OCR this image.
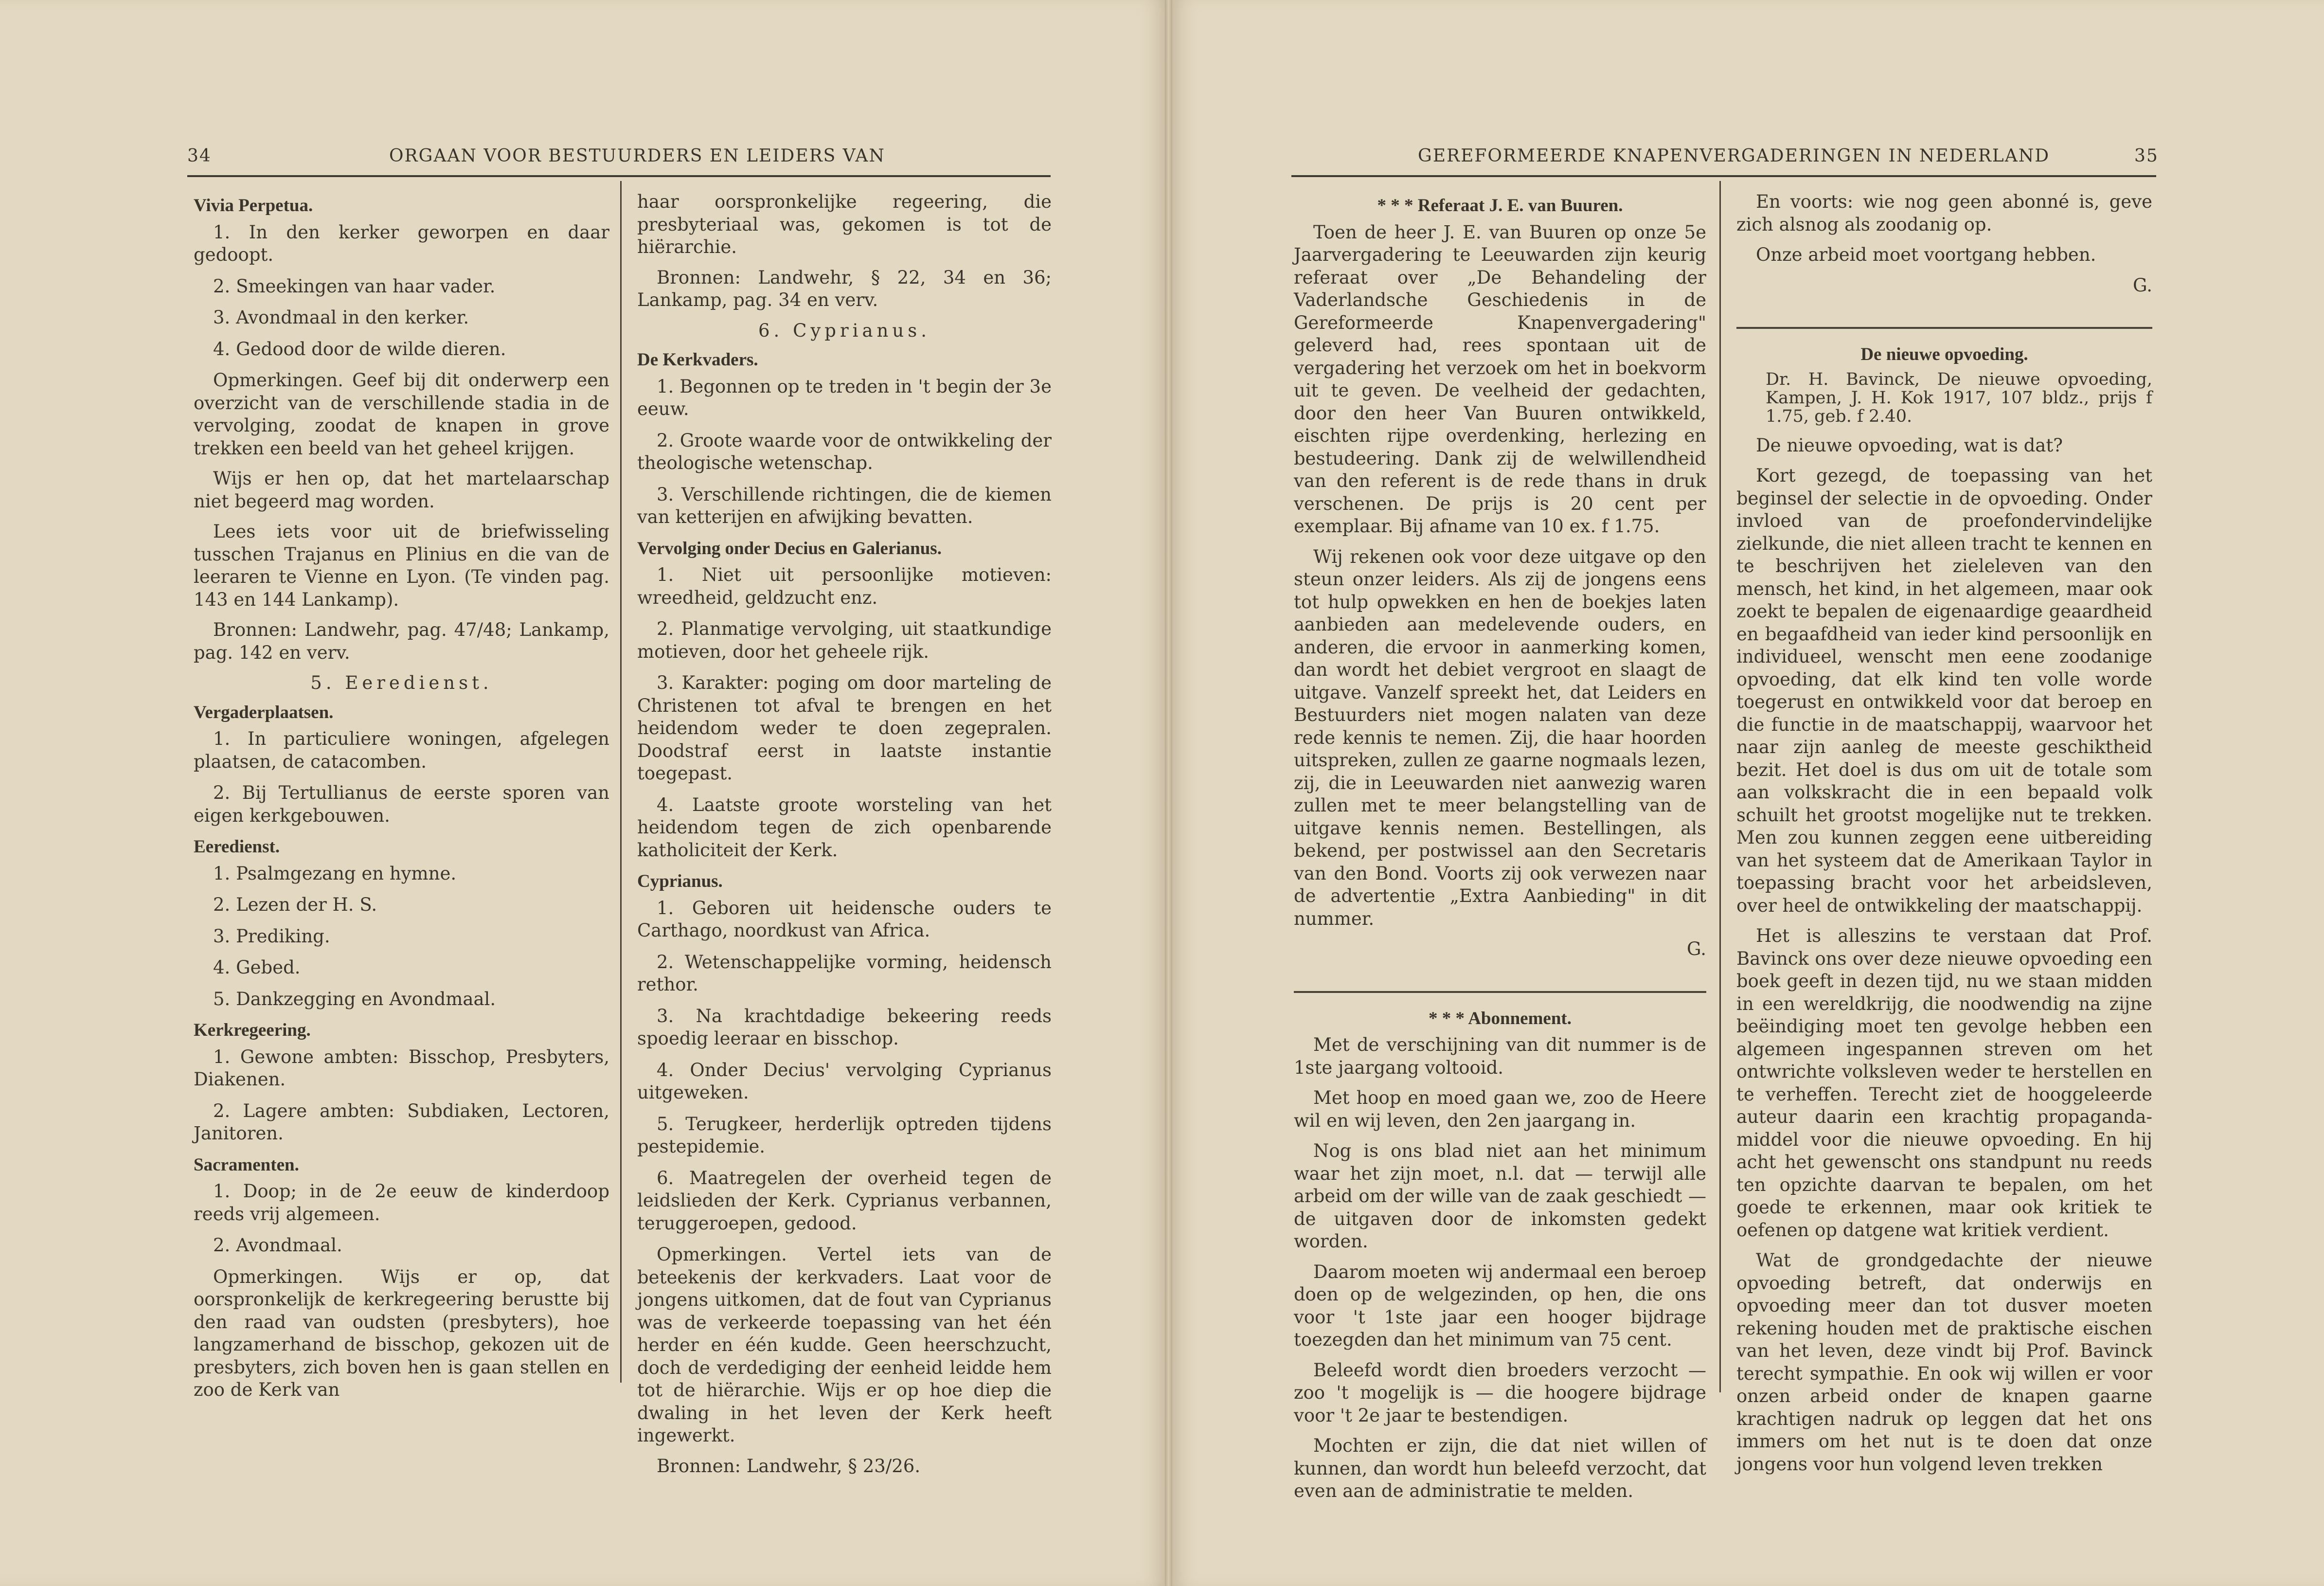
34	ORGAAN VOOR BESTUURDERS EN LEIDERS VAN
Vivia Perpetua.

1. In den kerker geworpen en daar gedoopt.

2. Smeekingen van haar vader.

3. Avondmaal in den kerker.

4. Gedood door de wilde dieren.

Opmerkingen. Geef bij dit onderwerp een overzicht van de verschillende stadia in de vervolging, zoodat de knapen in grove trekken een beeld van het geheel krijgen.

Wijs er hen op, dat het martelaarschap niet begeerd mag worden.

Lees iets voor uit de briefwisseling tusschen Trajanus en Plinius en die van de leeraren te Vienne en Lyon. (Te vinden pag. 143 en 144 Lankamp).

Bronnen: Landwehr, pag. 47/48; Lankamp, pag. 142 en verv.

5. Eeredienst.
Vergaderplaatsen.

1. In particuliere woningen, afgelegen plaatsen, de catacomben.

2. Bij Tertullianus de eerste sporen van eigen kerkgebouwen.

Eeredienst.

1. Psalmgezang en hymne.

2. Lezen der H. S.

3. Prediking.

4. Gebed.

5. Dankzegging en Avondmaal.

Kerkregeering.

1. Gewone ambten: Bisschop, Presbyters, Diakenen.

2. Lagere ambten: Subdiaken, Lectoren, Janitoren.

Sacramenten.

1. Doop; in de 2e eeuw de kinderdoop reeds vrij algemeen.

2. Avondmaal.

Opmerkingen. Wijs er op, dat oorspronkelijk de kerkregeering berustte bij den raad van oudsten (presbyters), hoe langzamerhand de bisschop, gekozen uit de presbyters, zich boven hen is gaan stellen en zoo de Kerk van

haar oorspronkelijke regeering, die presbyteriaal was, gekomen is tot de hiërarchie.

Bronnen: Landwehr, § 22, 34 en 36; Lankamp, pag. 34 en verv.

6. Cyprianus.
De Kerkvaders.

1. Begonnen op te treden in 't begin der 3e eeuw.

2. Groote waarde voor de ontwikkeling der theologische wetenschap.

3. Verschillende richtingen, die de kiemen van ketterijen en afwijking bevatten.

Vervolging onder Decius en Galerianus.

1. Niet uit persoonlijke motieven: wreedheid, geldzucht enz.

2. Planmatige vervolging, uit staatkundige motieven, door het geheele rijk.

3. Karakter: poging om door marteling de Christenen tot afval te brengen en het heidendom weder te doen zegepralen. Doodstraf eerst in laatste instantie toegepast.

4. Laatste groote worsteling van het heidendom tegen de zich openbarende katholiciteit der Kerk.

Cyprianus.

1. Geboren uit heidensche ouders te Carthago, noordkust van Africa.

2. Wetenschappelijke vorming, heidensch rethor.

3. Na krachtdadige bekeering reeds spoedig leeraar en bisschop.

4. Onder Decius' vervolging Cyprianus uitgeweken.

5. Terugkeer, herderlijk optreden tijdens pestepidemie.

6. Maatregelen der overheid tegen de leidslieden der Kerk. Cyprianus verbannen, teruggeroepen, gedood.

Opmerkingen. Vertel iets van de beteekenis der kerkvaders. Laat voor de jongens uitkomen, dat de fout van Cyprianus was de verkeerde toepassing van het één herder en één kudde. Geen heerschzucht, doch de verdediging der eenheid leidde hem tot de hiërarchie. Wijs er op hoe diep die dwaling in het leven der Kerk heeft ingewerkt.

Bronnen: Landwehr, § 23/26.

GEREFORMEERDE KNAPENVERGADERINGEN IN NEDERLAND	35
* * * Referaat J. E. van Buuren.

Toen de heer J. E. van Buuren op onze 5e Jaarvergadering te Leeuwarden zijn keurig referaat over „De Behandeling der Vaderlandsche Geschiedenis in de Gereformeerde Knapenvergadering" geleverd had, rees spontaan uit de vergadering het verzoek om het in boekvorm uit te geven. De veelheid der gedachten, door den heer Van Buuren ontwikkeld, eischten rijpe overdenking, herlezing en bestudeering. Dank zij de welwillendheid van den referent is de rede thans in druk verschenen. De prijs is 20 cent per exemplaar. Bij afname van 10 ex. f 1.75.

Wij rekenen ook voor deze uitgave op den steun onzer leiders. Als zij de jongens eens tot hulp opwekken en hen de boekjes laten aanbieden aan medelevende ouders, en anderen, die ervoor in aanmerking komen, dan wordt het debiet vergroot en slaagt de uitgave. Vanzelf spreekt het, dat Leiders en Bestuurders niet mogen nalaten van deze rede kennis te nemen. Zij, die haar hoorden uitspreken, zullen ze gaarne nogmaals lezen, zij, die in Leeuwarden niet aanwezig waren zullen met te meer belangstelling van de uitgave kennis nemen. Bestellingen, als bekend, per postwissel aan den Secretaris van den Bond. Voorts zij ook verwezen naar de advertentie „Extra Aanbieding" in dit nummer.

G.

* * * Abonnement.

Met de verschijning van dit nummer is de 1ste jaargang voltooid.

Met hoop en moed gaan we, zoo de Heere wil en wij leven, den 2en jaargang in.

Nog is ons blad niet aan het minimum waar het zijn moet, n.l. dat — terwijl alle arbeid om der wille van de zaak geschiedt — de uitgaven door de inkomsten gedekt worden.

Daarom moeten wij andermaal een beroep doen op de welgezinden, op hen, die ons voor 't 1ste jaar een hooger bijdrage toezegden dan het minimum van 75 cent.

Beleefd wordt dien broeders verzocht — zoo 't mogelijk is — die hoogere bijdrage voor 't 2e jaar te bestendigen.

Mochten er zijn, die dat niet willen of kunnen, dan wordt hun beleefd verzocht, dat even aan de administratie te melden.

En voorts: wie nog geen abonné is, geve zich alsnog als zoodanig op.

Onze arbeid moet voortgang hebben.

G.

De nieuwe opvoeding.

Dr. H. Bavinck, De nieuwe opvoeding, Kampen, J. H. Kok 1917, 107 bldz., prijs f 1.75, geb. f 2.40.

De nieuwe opvoeding, wat is dat?

Kort gezegd, de toepassing van het beginsel der selectie in de opvoeding. Onder invloed van de proefondervindelijke zielkunde, die niet alleen tracht te kennen en te beschrijven het zieleleven van den mensch, het kind, in het algemeen, maar ook zoekt te bepalen de eigenaardige geaardheid en begaafdheid van ieder kind persoonlijk en individueel, wenscht men eene zoodanige opvoeding, dat elk kind ten volle worde toegerust en ontwikkeld voor dat beroep en die functie in de maatschappij, waarvoor het naar zijn aanleg de meeste geschiktheid bezit. Het doel is dus om uit de totale som aan volkskracht die in een bepaald volk schuilt het grootst mogelijke nut te trekken. Men zou kunnen zeggen eene uitbereiding van het systeem dat de Amerikaan Taylor in toepassing bracht voor het arbeidsleven, over heel de ontwikkeling der maatschappij.

Het is alleszins te verstaan dat Prof. Bavinck ons over deze nieuwe opvoeding een boek geeft in dezen tijd, nu we staan midden in een wereldkrijg, die noodwendig na zijne beëindiging moet ten gevolge hebben een algemeen ingespannen streven om het ontwrichte volksleven weder te herstellen en te verheffen. Terecht ziet de hooggeleerde auteur daarin een krachtig propaganda-middel voor die nieuwe opvoeding. En hij acht het gewenscht ons standpunt nu reeds ten opzichte daarvan te bepalen, om het goede te erkennen, maar ook kritiek te oefenen op datgene wat kritiek verdient.

Wat de grondgedachte der nieuwe opvoeding betreft, dat onderwijs en opvoeding meer dan tot dusver moeten rekening houden met de praktische eischen van het leven, deze vindt bij Prof. Bavinck terecht sympathie. En ook wij willen er voor onzen arbeid onder de knapen gaarne krachtigen nadruk op leggen dat het ons immers om het nut is te doen dat onze jongens voor hun volgend leven trekken
